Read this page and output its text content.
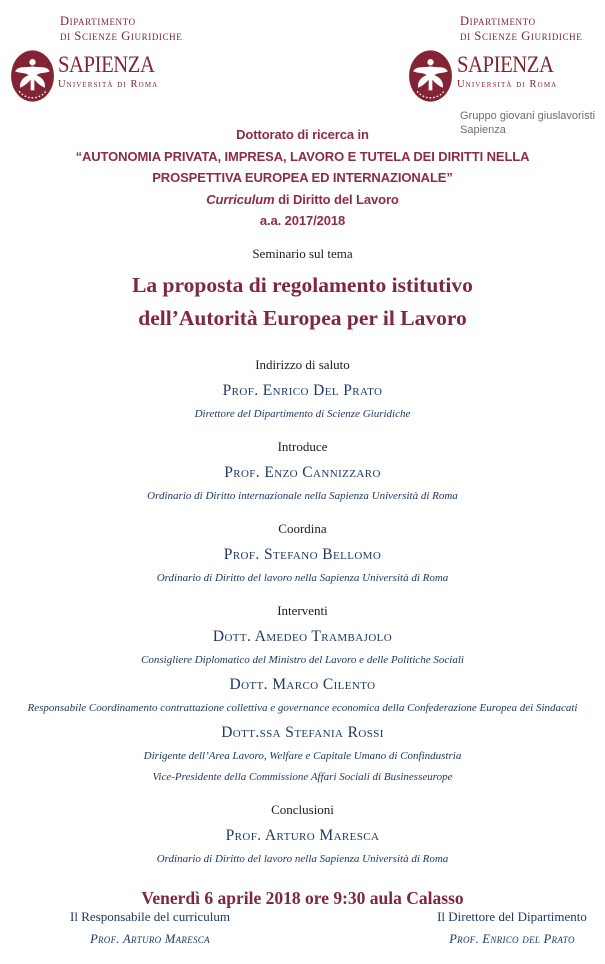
Dipartimento
di Scienze Giuridiche
SAPIENZA
Università di Roma
Dipartimento
di Scienze Giuridiche
SAPIENZA
Università di Roma
Gruppo giovani giuslavoristi
Sapienza
Dottorato di ricerca in
“AUTONOMIA PRIVATA, IMPRESA, LAVORO E TUTELA DEI DIRITTI NELLA
PROSPETTIVA EUROPEA ED INTERNAZIONALE”
Curriculum di Diritto del Lavoro
a.a. 2017/2018
Seminario sul tema
La proposta di regolamento istitutivo
dell’Autorità Europea per il Lavoro
Indirizzo di saluto
Prof. Enrico Del Prato
Direttore del Dipartimento di Scienze Giuridiche
Introduce
Prof. Enzo Cannizzaro
Ordinario di Diritto internazionale nella Sapienza Università di Roma
Coordina
Prof. Stefano Bellomo
Ordinario di Diritto del lavoro nella Sapienza Università di Roma
Interventi
Dott. Amedeo Trambajolo
Consigliere Diplomatico del Ministro del Lavoro e delle Politiche Sociali
Dott. Marco Cilento
Responsabile Coordinamento contrattazione collettiva e governance economica della Confederazione Europea dei Sindacati
Dott.ssa Stefania Rossi
Dirigente dell’Area Lavoro, Welfare e Capitale Umano di Confindustria
Vice-Presidente della Commissione Affari Sociali di Businesseurope
Conclusioni
Prof. Arturo Maresca
Ordinario di Diritto del lavoro nella Sapienza Università di Roma
Venerdì 6 aprile 2018 ore 9:30 aula Calasso
Il Responsabile del curriculum
Prof. Arturo Maresca
Il Direttore del Dipartimento
Prof. Enrico del Prato
